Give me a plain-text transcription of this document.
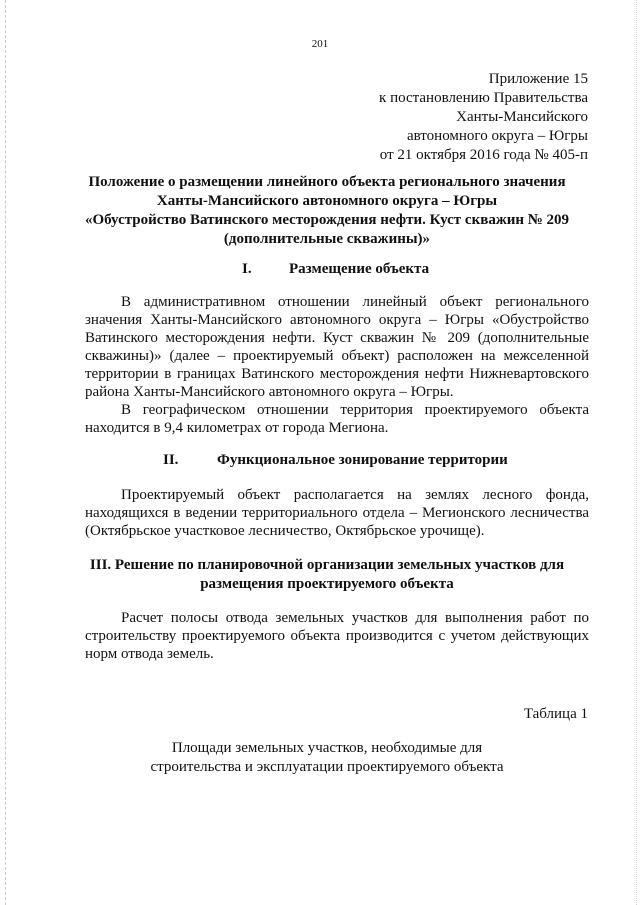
201
Приложение 15
к постановлению Правительства
Ханты-Мансийского
автономного округа – Югры
от 21 октября 2016 года № 405-п
Положение о размещении линейного объекта регионального значения
Ханты-Мансийского автономного округа – Югры
«Обустройство Ватинского месторождения нефти. Куст скважин № 209
(дополнительные скважины)»
I. Размещение объекта
В административном отношении линейный объект регионального
значения Ханты-Мансийского автономного округа – Югры «Обустройство
Ватинского месторождения нефти. Куст скважин № 209 (дополнительные
скважины)» (далее – проектируемый объект) расположен на межселенной
территории в границах Ватинского месторождения нефти Нижневартовского
района Ханты-Мансийского автономного округа – Югры.
В географическом отношении территория проектируемого объекта
находится в 9,4 километрах от города Мегиона.
II.	Функциональное зонирование территории
Проектируемый объект располагается на землях лесного фонда,
находящихся в ведении территориального отдела – Мегионского лесничества
(Октябрьское участковое лесничество, Октябрьское урочище).
III. Решение по планировочной организации земельных участков для
размещения проектируемого объекта
Расчет полосы отвода земельных участков для выполнения работ по
строительству проектируемого объекта производится с учетом действующих
норм отвода земель.
Таблица 1
Площади земельных участков, необходимые для
строительства и эксплуатации проектируемого объекта
